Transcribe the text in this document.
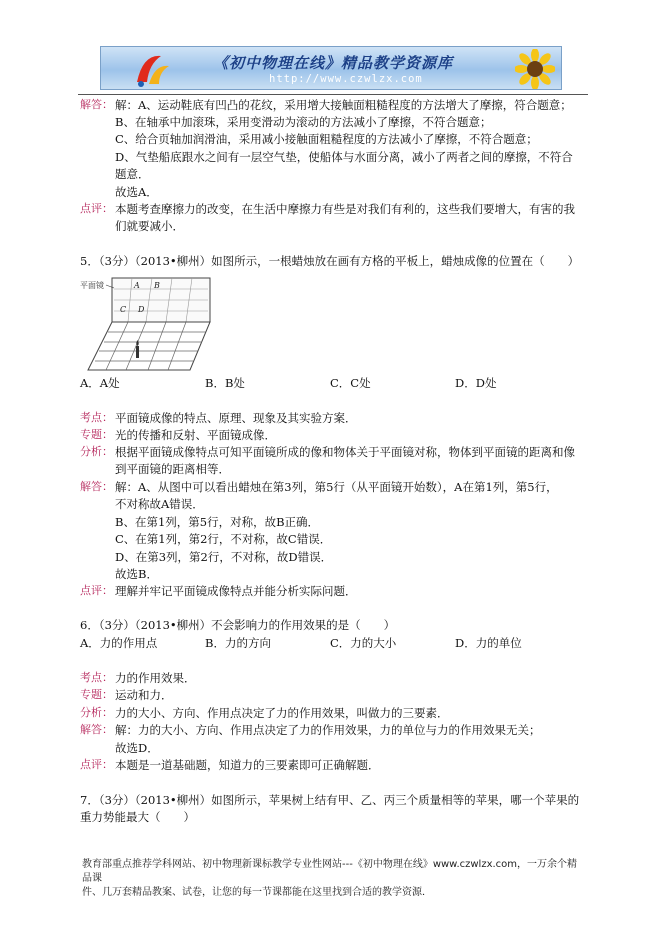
《初中物理在线》精品教学资源库
http://www.czwlzx.com
解答： 解：A、运动鞋底有凹凸的花纹，采用增大接触面粗糙程度的方法增大了摩擦，符合题意；
B、在轴承中加滚珠，采用变滑动为滚动的方法减小了摩擦，不符合题意；
C、给合页轴加润滑油，采用减小接触面粗糙程度的方法减小了摩擦，不符合题意；
D、气垫船底跟水之间有一层空气垫，使船体与水面分离，减小了两者之间的摩擦，不符合
题意．
故选A．
点评： 本题考查摩擦力的改变，在生活中摩擦力有些是对我们有利的，这些我们要增大，有害的我
们就要减小．
5．（3分）（2013•柳州）如图所示，一根蜡烛放在画有方格的平板上，蜡烛成像的位置在（　　）
平面镜	A B
C D
A．A处	B．B处	C．C处	D．D处
考点： 平面镜成像的特点、原理、现象及其实验方案．
专题： 光的传播和反射、平面镜成像．
分析： 根据平面镜成像特点可知平面镜所成的像和物体关于平面镜对称，物体到平面镜的距离和像
到平面镜的距离相等．
解答： 解：A、从图中可以看出蜡烛在第3列，第5行（从平面镜开始数），A在第1列，第5行，
不对称故A错误．
B、在第1列，第5行，对称，故B正确．
C、在第1列，第2行，不对称，故C错误．
D、在第3列，第2行，不对称，故D错误．
故选B．
点评： 理解并牢记平面镜成像特点并能分析实际问题．
6．（3分）（2013•柳州）不会影响力的作用效果的是（　　）
A．力的作用点	B．力的方向	C．力的大小	D．力的单位
考点： 力的作用效果．
专题： 运动和力．
分析： 力的大小、方向、作用点决定了力的作用效果，叫做力的三要素．
解答： 解：力的大小、方向、作用点决定了力的作用效果，力的单位与力的作用效果无关；
故选D．
点评： 本题是一道基础题，知道力的三要素即可正确解题．
7．（3分）（2013•柳州）如图所示，苹果树上结有甲、乙、丙三个质量相等的苹果，哪一个苹果的
重力势能最大（　　）
教育部重点推荐学科网站、初中物理新课标教学专业性网站---《初中物理在线》www.czwlzx.com，一万余个精品课
件、几万套精品教案、试卷，让您的每一节课都能在这里找到合适的教学资源．
